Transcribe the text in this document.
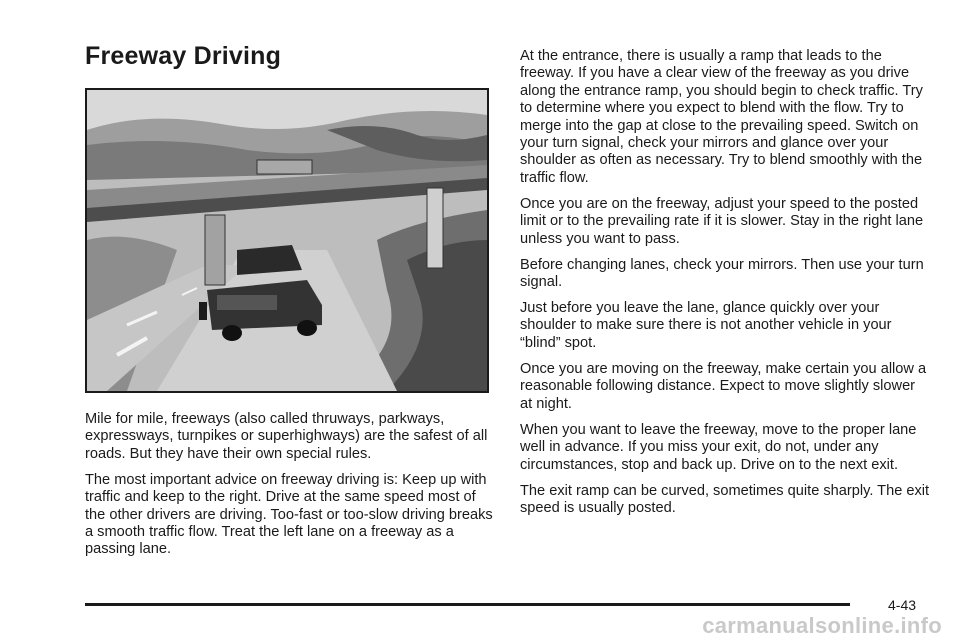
Freeway Driving

Mile for mile, freeways (also called thruways, parkways, expressways, turnpikes or superhighways) are the safest of all roads. But they have their own special rules.

The most important advice on freeway driving is: Keep up with traffic and keep to the right. Drive at the same speed most of the other drivers are driving. Too-fast or too-slow driving breaks a smooth traffic flow. Treat the left lane on a freeway as a passing lane.

At the entrance, there is usually a ramp that leads to the freeway. If you have a clear view of the freeway as you drive along the entrance ramp, you should begin to check traffic. Try to determine where you expect to blend with the flow. Try to merge into the gap at close to the prevailing speed. Switch on your turn signal, check your mirrors and glance over your shoulder as often as necessary. Try to blend smoothly with the traffic flow.

Once you are on the freeway, adjust your speed to the posted limit or to the prevailing rate if it is slower. Stay in the right lane unless you want to pass.

Before changing lanes, check your mirrors. Then use your turn signal.

Just before you leave the lane, glance quickly over your shoulder to make sure there is not another vehicle in your “blind” spot.

Once you are moving on the freeway, make certain you allow a reasonable following distance. Expect to move slightly slower at night.

When you want to leave the freeway, move to the proper lane well in advance. If you miss your exit, do not, under any circumstances, stop and back up. Drive on to the next exit.

The exit ramp can be curved, sometimes quite sharply. The exit speed is usually posted.

4-43
carmanualsonline.info
